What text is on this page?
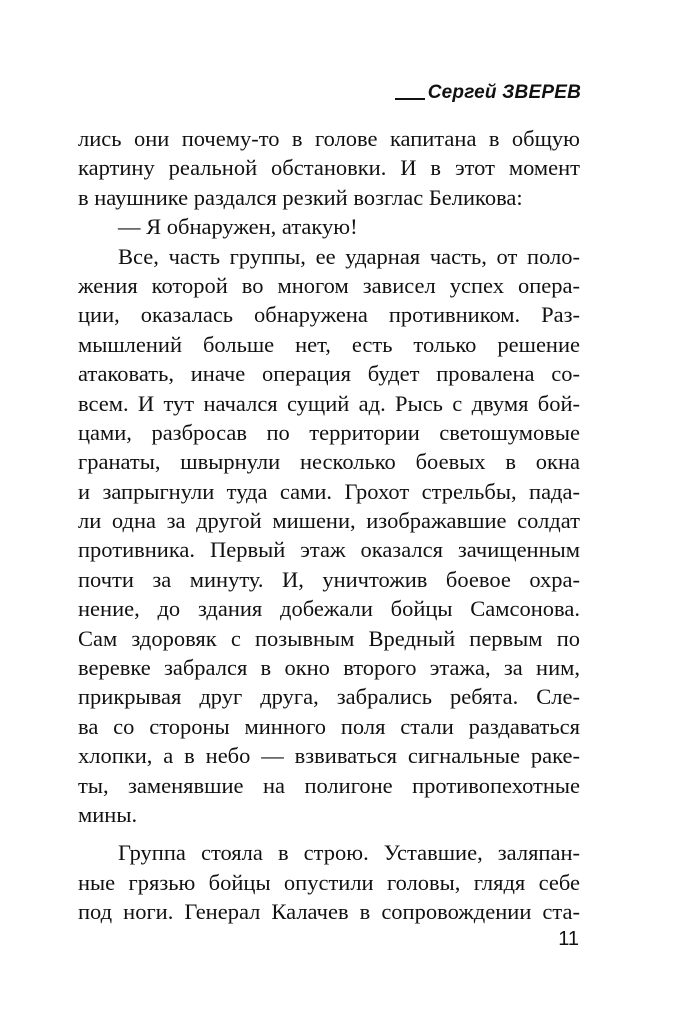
Сергей ЗВЕРЕВ
лись они почему-то в голове капитана в общую
картину реальной обстановки. И в этот момент
в наушнике раздался резкий возглас Беликова:
— Я обнаружен, атакую!
Все, часть группы, ее ударная часть, от поло-
жения которой во многом зависел успех опера-
ции, оказалась обнаружена противником. Раз-
мышлений больше нет, есть только решение
атаковать, иначе операция будет провалена со-
всем. И тут начался сущий ад. Рысь с двумя бой-
цами, разбросав по территории светошумовые
гранаты, швырнули несколько боевых в окна
и запрыгнули туда сами. Грохот стрельбы, пада-
ли одна за другой мишени, изображавшие солдат
противника. Первый этаж оказался зачищенным
почти за минуту. И, уничтожив боевое охра-
нение, до здания добежали бойцы Самсонова.
Сам здоровяк с позывным Вредный первым по
веревке забрался в окно второго этажа, за ним,
прикрывая друг друга, забрались ребята. Сле-
ва со стороны минного поля стали раздаваться
хлопки, а в небо — взвиваться сигнальные раке-
ты, заменявшие на полигоне противопехотные
мины.
Группа стояла в строю. Уставшие, заляпан-
ные грязью бойцы опустили головы, глядя себе
под ноги. Генерал Калачев в сопровождении ста-
11
